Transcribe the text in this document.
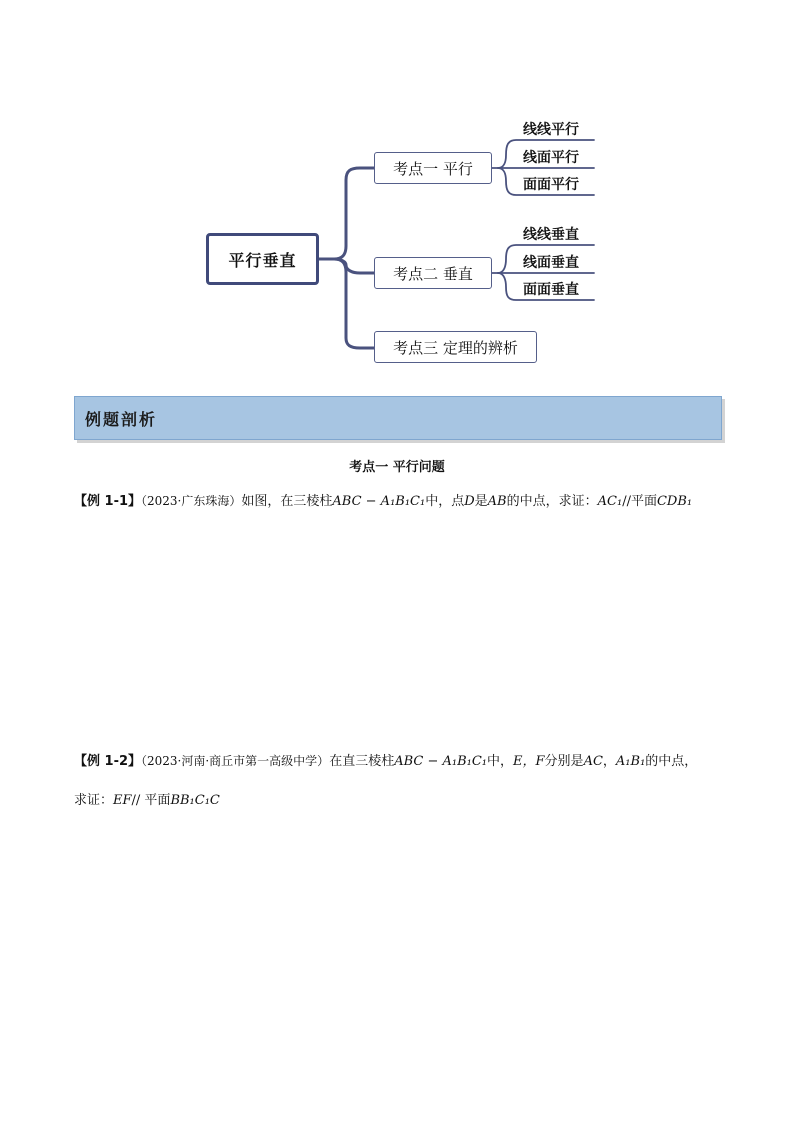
平行垂直
考点一 平行
考点二 垂直
考点三 定理的辨析
线线平行
线面平行
面面平行
线线垂直
线面垂直
面面垂直
例题剖析
考点一 平行问题
【例 1-1】（2023·广东珠海）如图，在三棱柱ABC − A₁B₁C₁中，点D是AB的中点，求证：AC₁//平面CDB₁
【例 1-2】（2023·河南·商丘市第一高级中学）在直三棱柱ABC − A₁B₁C₁中，E，F分别是AC，A₁B₁的中点，
求证：EF// 平面BB₁C₁C
